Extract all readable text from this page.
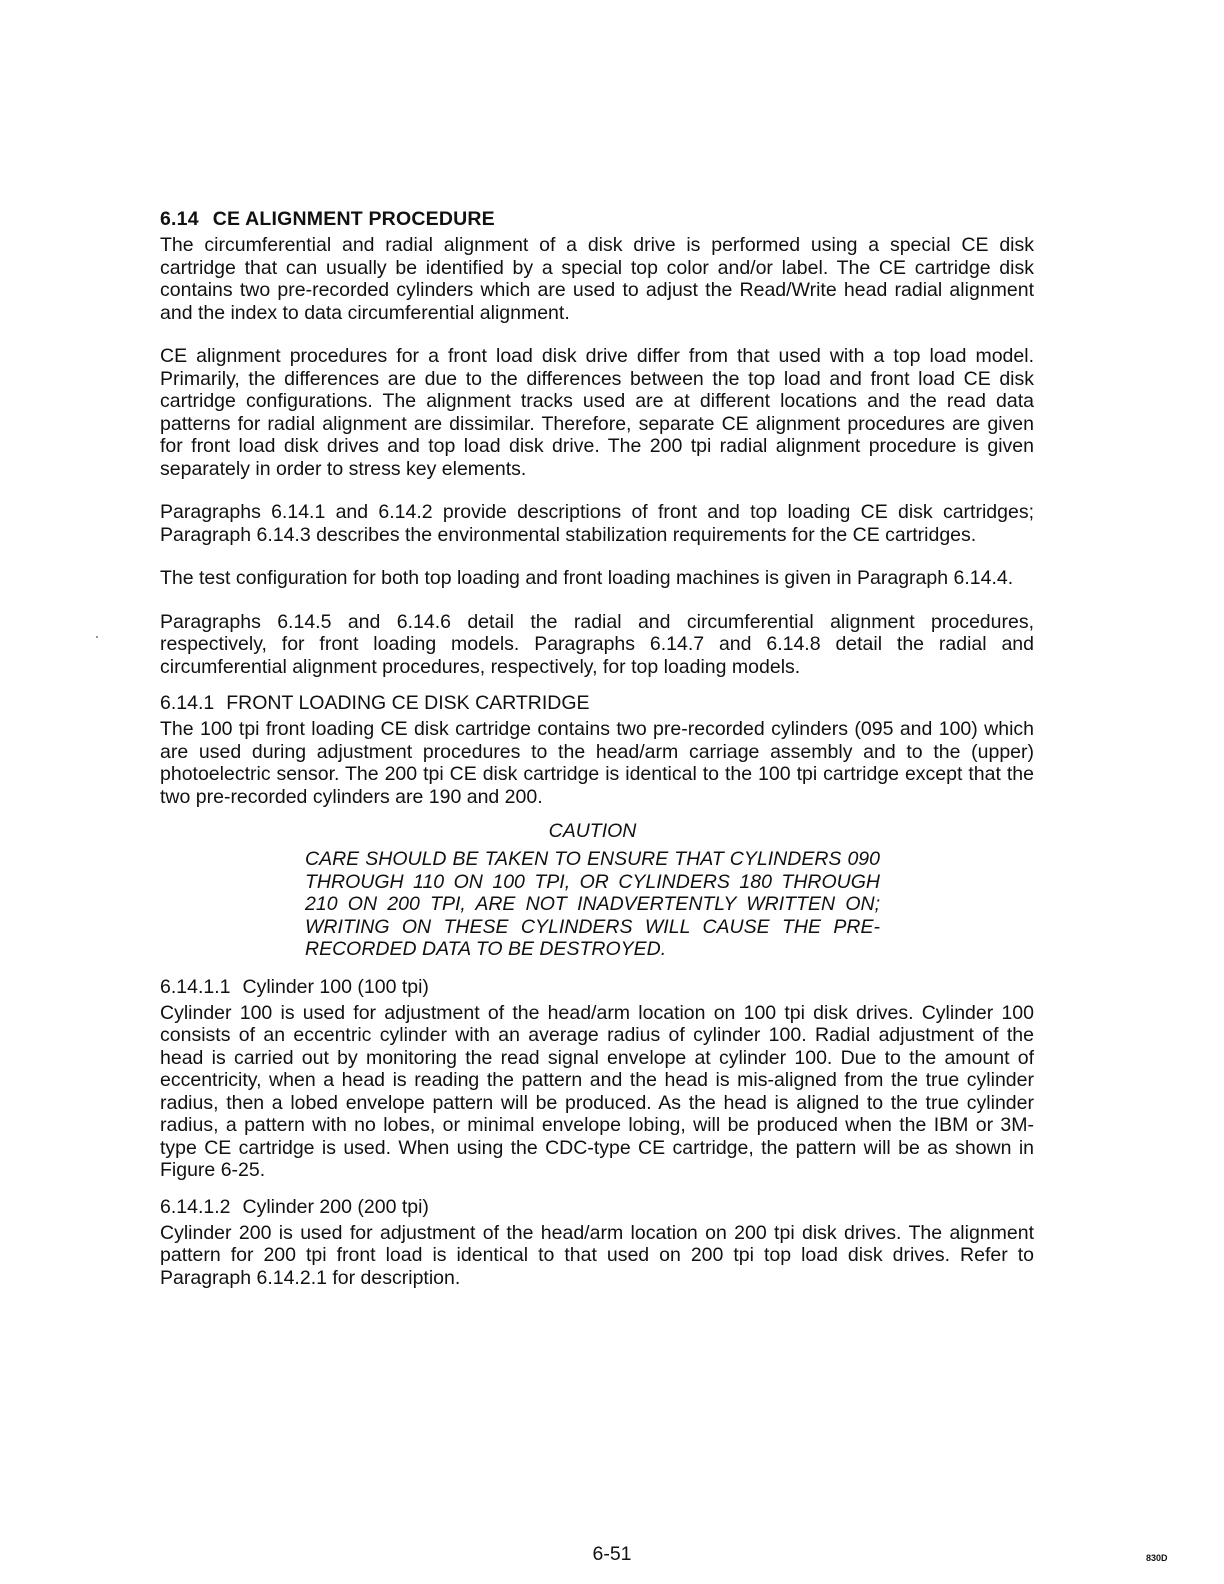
6.14 CE ALIGNMENT PROCEDURE

The circumferential and radial alignment of a disk drive is performed using a special CE disk cartridge that can usually be identified by a special top color and/or label. The CE cartridge disk contains two pre-recorded cylinders which are used to adjust the Read/Write head radial alignment and the index to data circumferential alignment.

CE alignment procedures for a front load disk drive differ from that used with a top load model. Primarily, the differences are due to the differences between the top load and front load CE disk cartridge configurations. The alignment tracks used are at different locations and the read data patterns for radial alignment are dissimilar. Therefore, separate CE alignment procedures are given for front load disk drives and top load disk drive. The 200 tpi radial alignment procedure is given separately in order to stress key elements.

Paragraphs 6.14.1 and 6.14.2 provide descriptions of front and top loading CE disk cartridges; Paragraph 6.14.3 describes the environmental stabilization requirements for the CE cartridges.

The test configuration for both top loading and front loading machines is given in Paragraph 6.14.4.

Paragraphs 6.14.5 and 6.14.6 detail the radial and circumferential alignment procedures, respectively, for front loading models. Paragraphs 6.14.7 and 6.14.8 detail the radial and circumferential alignment procedures, respectively, for top loading models.

6.14.1 FRONT LOADING CE DISK CARTRIDGE

The 100 tpi front loading CE disk cartridge contains two pre-recorded cylinders (095 and 100) which are used during adjustment procedures to the head/arm carriage assembly and to the (upper) photoelectric sensor. The 200 tpi CE disk cartridge is identical to the 100 tpi cartridge except that the two pre-recorded cylinders are 190 and 200.

CAUTION
CARE SHOULD BE TAKEN TO ENSURE THAT CYLINDERS 090 THROUGH 110 ON 100 TPI, OR CYLINDERS 180 THROUGH 210 ON 200 TPI, ARE NOT INADVERTENTLY WRITTEN ON; WRITING ON THESE CYLINDERS WILL CAUSE THE PRE-RECORDED DATA TO BE DESTROYED.
6.14.1.1 Cylinder 100 (100 tpi)

Cylinder 100 is used for adjustment of the head/arm location on 100 tpi disk drives. Cylinder 100 consists of an eccentric cylinder with an average radius of cylinder 100. Radial adjustment of the head is carried out by monitoring the read signal envelope at cylinder 100. Due to the amount of eccentricity, when a head is reading the pattern and the head is mis-aligned from the true cylinder radius, then a lobed envelope pattern will be produced. As the head is aligned to the true cylinder radius, a pattern with no lobes, or minimal envelope lobing, will be produced when the IBM or 3M-type CE cartridge is used. When using the CDC-type CE cartridge, the pattern will be as shown in Figure 6-25.

6.14.1.2 Cylinder 200 (200 tpi)

Cylinder 200 is used for adjustment of the head/arm location on 200 tpi disk drives. The alignment pattern for 200 tpi front load is identical to that used on 200 tpi top load disk drives. Refer to Paragraph 6.14.2.1 for description.

6-51	830D
